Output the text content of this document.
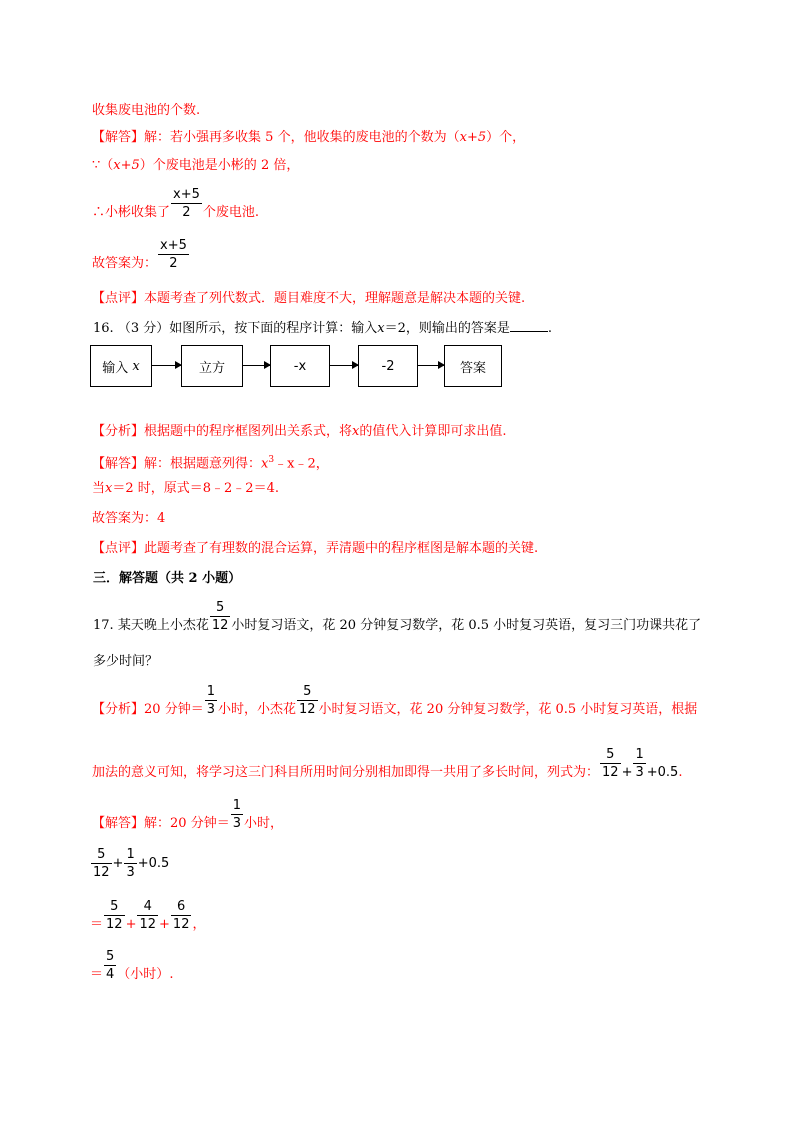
收集废电池的个数.
【解答】解：若小强再多收集 5 个，他收集的废电池的个数为（x+5）个，
∵（x+5）个废电池是小彬的 2 倍，
∴小彬收集了 $\frac{x+5}{2}$ 个废电池.
故答案为： $\frac{x+5}{2}$
【点评】本题考查了列代数式．题目难度不大，理解题意是解决本题的关键.
16. （3 分）如图所示，按下面的程序计算：输入x＝2，则输出的答案是	.
输入
x	立方	-x	-2	答案
【分析】根据题中的程序框图列出关系式，将x的值代入计算即可求出值.
【解答】解：根据题意列得：$x^3﹣x﹣2$，
当x＝2 时，原式＝8﹣2﹣2＝4.
故答案为：4
【点评】此题考查了有理数的混合运算，弄清题中的程序框图是解本题的关键.
三．解答题（共 2 小题）
17. 某天晚上小杰花 $\frac{5}{12}$ 小时复习语文，花 20 分钟复习数学，花 0.5 小时复习英语，复习三门功课共花了
多少时间？
【分析】20 分钟＝ $\frac{1}{3}$ 小时，小杰花 $\frac{5}{12}$ 小时复习语文，花 20 分钟复习数学，花 0.5 小时复习英语，根据
加法的意义可知，将学习这三门科目所用时间分别相加即得一共用了多长时间，列式为： $\frac{5}{12} + \frac{1}{3} +0.5$.
【解答】解：20 分钟＝ $\frac{1}{3}$ 小时，
$\frac{5}{12} + \frac{1}{3} +0.5$
＝ $\frac{5}{12} + \frac{4}{12} + \frac{6}{12}$ ，
＝ $\frac{5}{4}$ （小时）.
